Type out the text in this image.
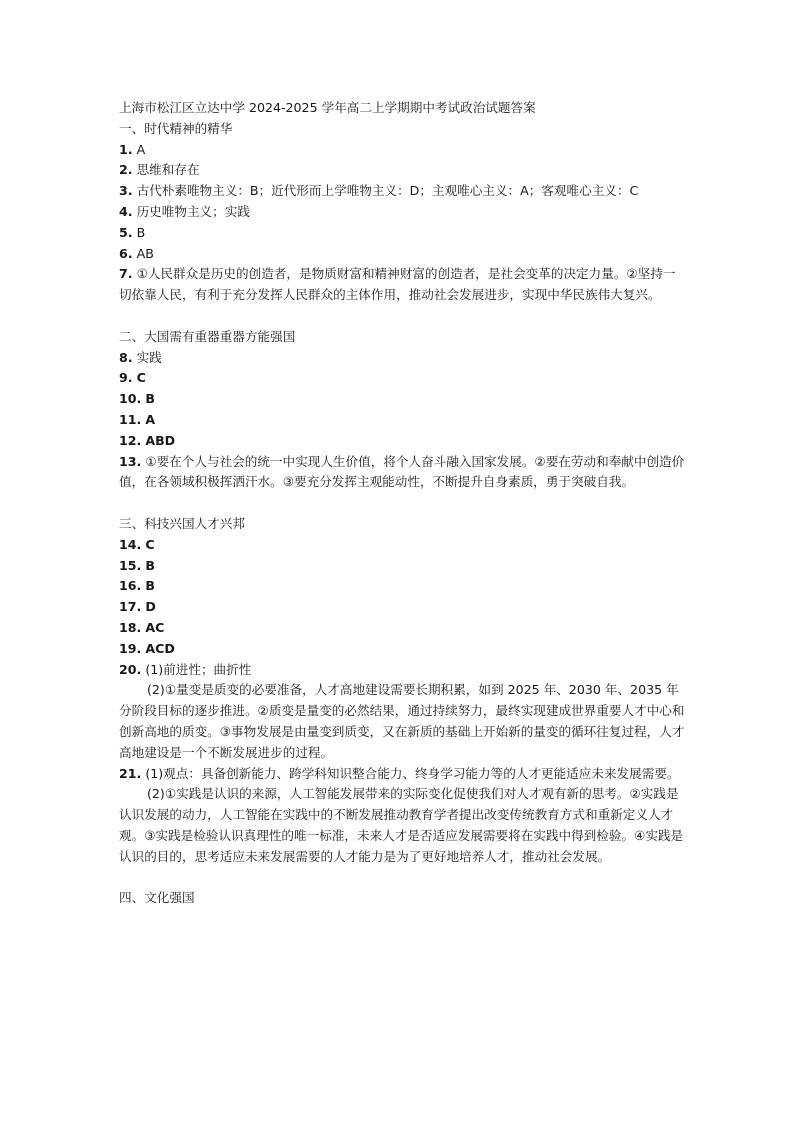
上海市松江区立达中学 2024-2025 学年高二上学期期中考试政治试题答案
一、时代精神的精华
1. A
2. 思维和存在
3. 古代朴素唯物主义：B；近代形而上学唯物主义：D；主观唯心主义：A；客观唯心主义：C
4. 历史唯物主义；实践
5. B
6. AB
7. ①人民群众是历史的创造者，是物质财富和精神财富的创造者，是社会变革的决定力量。②坚持一切依靠人民，有利于充分发挥人民群众的主体作用，推动社会发展进步，实现中华民族伟大复兴。
二、大国需有重器重器方能强国
8. 实践
9. C
10. B
11. A
12. ABD
13. ①要在个人与社会的统一中实现人生价值，将个人奋斗融入国家发展。②要在劳动和奉献中创造价值，在各领域积极挥洒汗水。③要充分发挥主观能动性，不断提升自身素质，勇于突破自我。
三、科技兴国人才兴邦
14. C
15. B
16. B
17. D
18. AC
19. ACD
20. (1)前进性；曲折性
(2)①量变是质变的必要准备，人才高地建设需要长期积累，如到 2025 年、2030 年、2035 年分阶段目标的逐步推进。②质变是量变的必然结果，通过持续努力，最终实现建成世界重要人才中心和创新高地的质变。③事物发展是由量变到质变，又在新质的基础上开始新的量变的循环往复过程，人才高地建设是一个不断发展进步的过程。
21. (1)观点：具备创新能力、跨学科知识整合能力、终身学习能力等的人才更能适应未来发展需要。
(2)①实践是认识的来源，人工智能发展带来的实际变化促使我们对人才观有新的思考。②实践是认识发展的动力，人工智能在实践中的不断发展推动教育学者提出改变传统教育方式和重新定义人才观。③实践是检验认识真理性的唯一标准，未来人才是否适应发展需要将在实践中得到检验。④实践是认识的目的，思考适应未来发展需要的人才能力是为了更好地培养人才，推动社会发展。
四、文化强国
